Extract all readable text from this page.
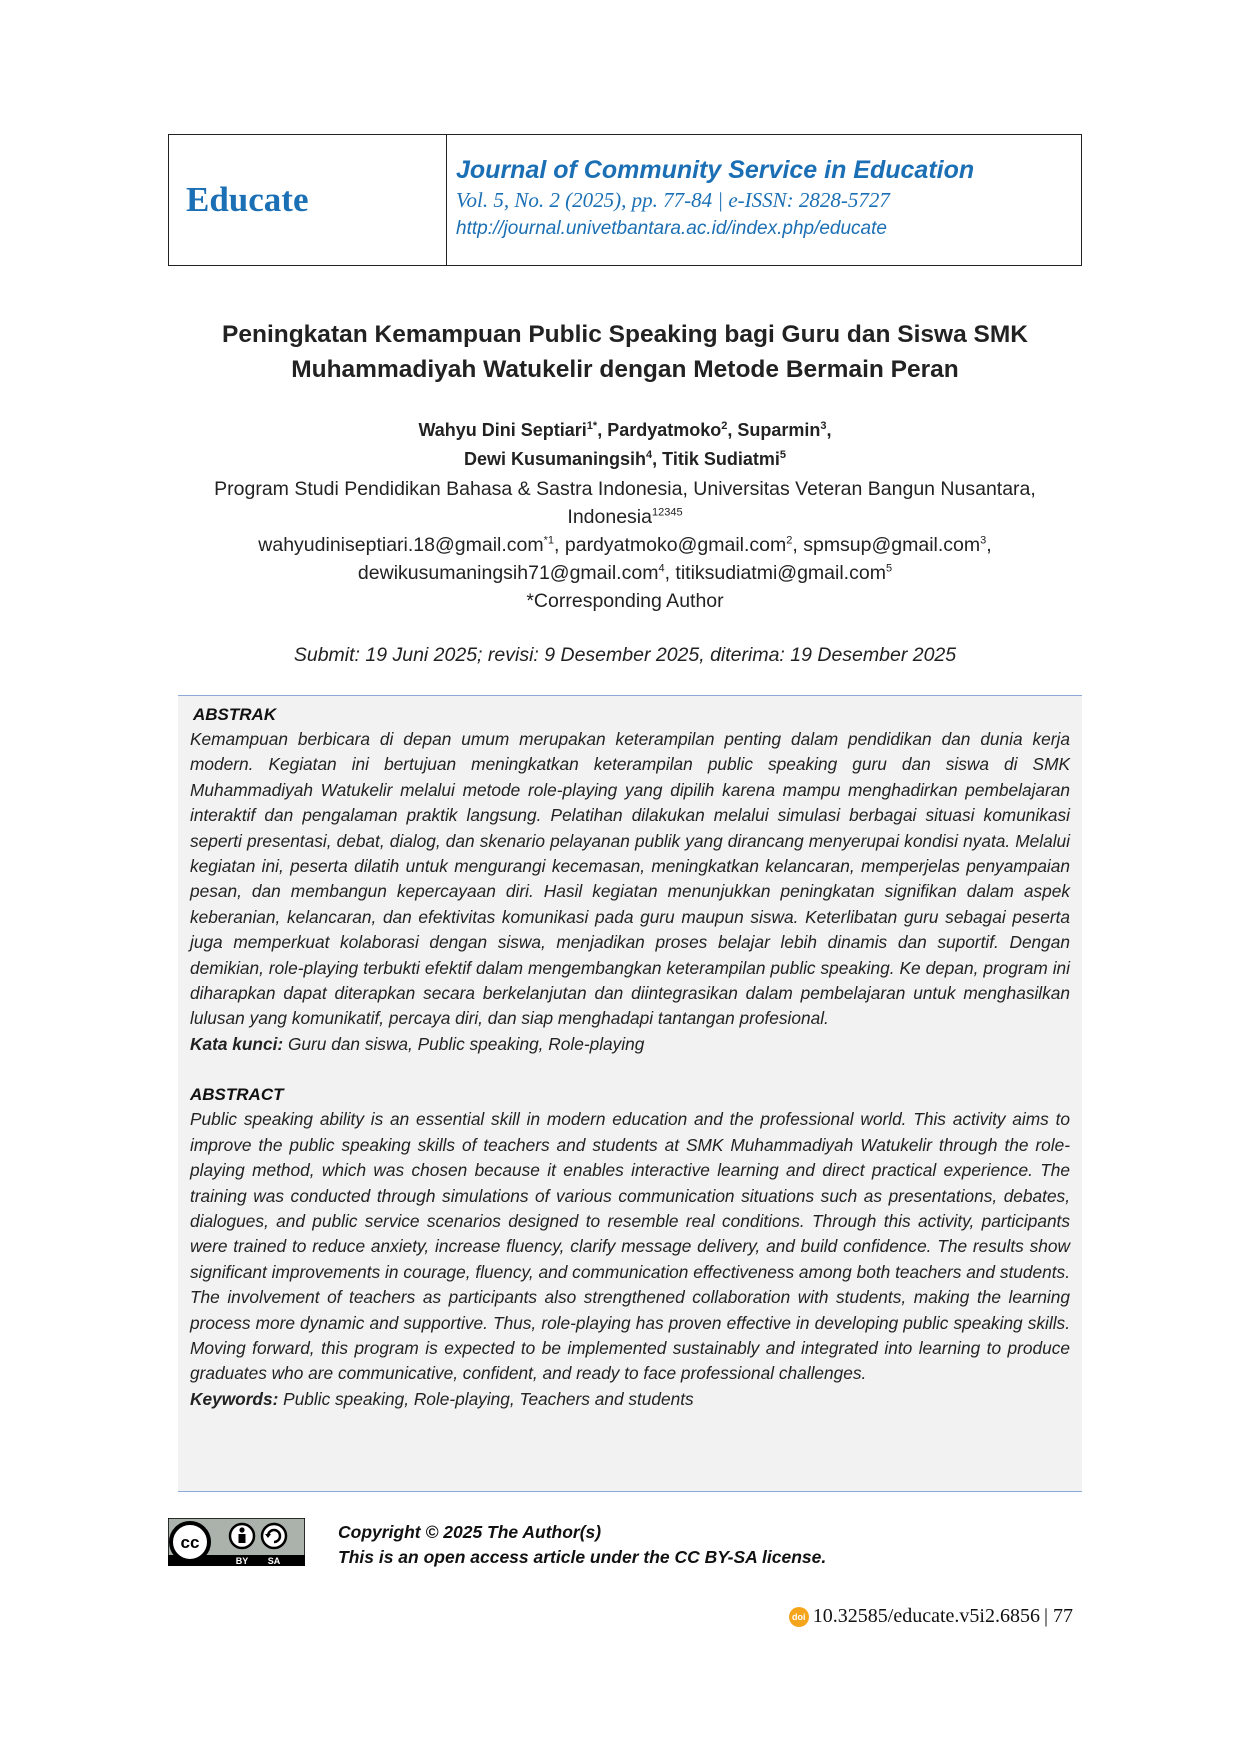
Educate
Journal of Community Service in Education
Vol. 5, No. 2 (2025), pp. 77-84 | e-ISSN: 2828-5727
http://journal.univetbantara.ac.id/index.php/educate
Peningkatan Kemampuan Public Speaking bagi Guru dan Siswa SMK
Muhammadiyah Watukelir dengan Metode Bermain Peran
Wahyu Dini Septiari$^{1*}$, Pardyatmoko$^2$, Suparmin$^3$,
Dewi Kusumaningsih$^4$, Titik Sudiatmi$^5$
Program Studi Pendidikan Bahasa & Sastra Indonesia, Universitas Veteran Bangun Nusantara,
Indonesia$^{12345}$
wahyudiniseptiari.18@gmail.com$^{*1}$, pardyatmoko@gmail.com$^2$, spmsup@gmail.com$^3$,
dewikusumaningsih71@gmail.com$^4$, titiksudiatmi@gmail.com$^5$
*Corresponding Author
Submit: 19 Juni 2025; revisi: 9 Desember 2025, diterima: 19 Desember 2025
ABSTRAK

Kemampuan berbicara di depan umum merupakan keterampilan penting dalam pendidikan dan dunia kerja modern. Kegiatan ini bertujuan meningkatkan keterampilan public speaking guru dan siswa di SMK Muhammadiyah Watukelir melalui metode role-playing yang dipilih karena mampu menghadirkan pembelajaran interaktif dan pengalaman praktik langsung. Pelatihan dilakukan melalui simulasi berbagai situasi komunikasi seperti presentasi, debat, dialog, dan skenario pelayanan publik yang dirancang menyerupai kondisi nyata. Melalui kegiatan ini, peserta dilatih untuk mengurangi kecemasan, meningkatkan kelancaran, memperjelas penyampaian pesan, dan membangun kepercayaan diri. Hasil kegiatan menunjukkan peningkatan signifikan dalam aspek keberanian, kelancaran, dan efektivitas komunikasi pada guru maupun siswa. Keterlibatan guru sebagai peserta juga memperkuat kolaborasi dengan siswa, menjadikan proses belajar lebih dinamis dan suportif. Dengan demikian, role-playing terbukti efektif dalam mengembangkan keterampilan public speaking. Ke depan, program ini diharapkan dapat diterapkan secara berkelanjutan dan diintegrasikan dalam pembelajaran untuk menghasilkan lulusan yang komunikatif, percaya diri, dan siap menghadapi tantangan profesional.

Kata kunci: Guru dan siswa, Public speaking, Role-playing
ABSTRACT

Public speaking ability is an essential skill in modern education and the professional world. This activity aims to improve the public speaking skills of teachers and students at SMK Muhammadiyah Watukelir through the role-playing method, which was chosen because it enables interactive learning and direct practical experience. The training was conducted through simulations of various communication situations such as presentations, debates, dialogues, and public service scenarios designed to resemble real conditions. Through this activity, participants were trained to reduce anxiety, increase fluency, clarify message delivery, and build confidence. The results show significant improvements in courage, fluency, and communication effectiveness among both teachers and students. The involvement of teachers as participants also strengthened collaboration with students, making the learning process more dynamic and supportive. Thus, role-playing has proven effective in developing public speaking skills. Moving forward, this program is expected to be implemented sustainably and integrated into learning to produce graduates who are communicative, confident, and ready to face professional challenges.

Keywords: Public speaking, Role-playing, Teachers and students
cc
BY SA
Copyright © 2025 The Author(s)
This is an open access article under the CC BY-SA license.
doi 10.32585/educate.v5i2.6856 | 77
